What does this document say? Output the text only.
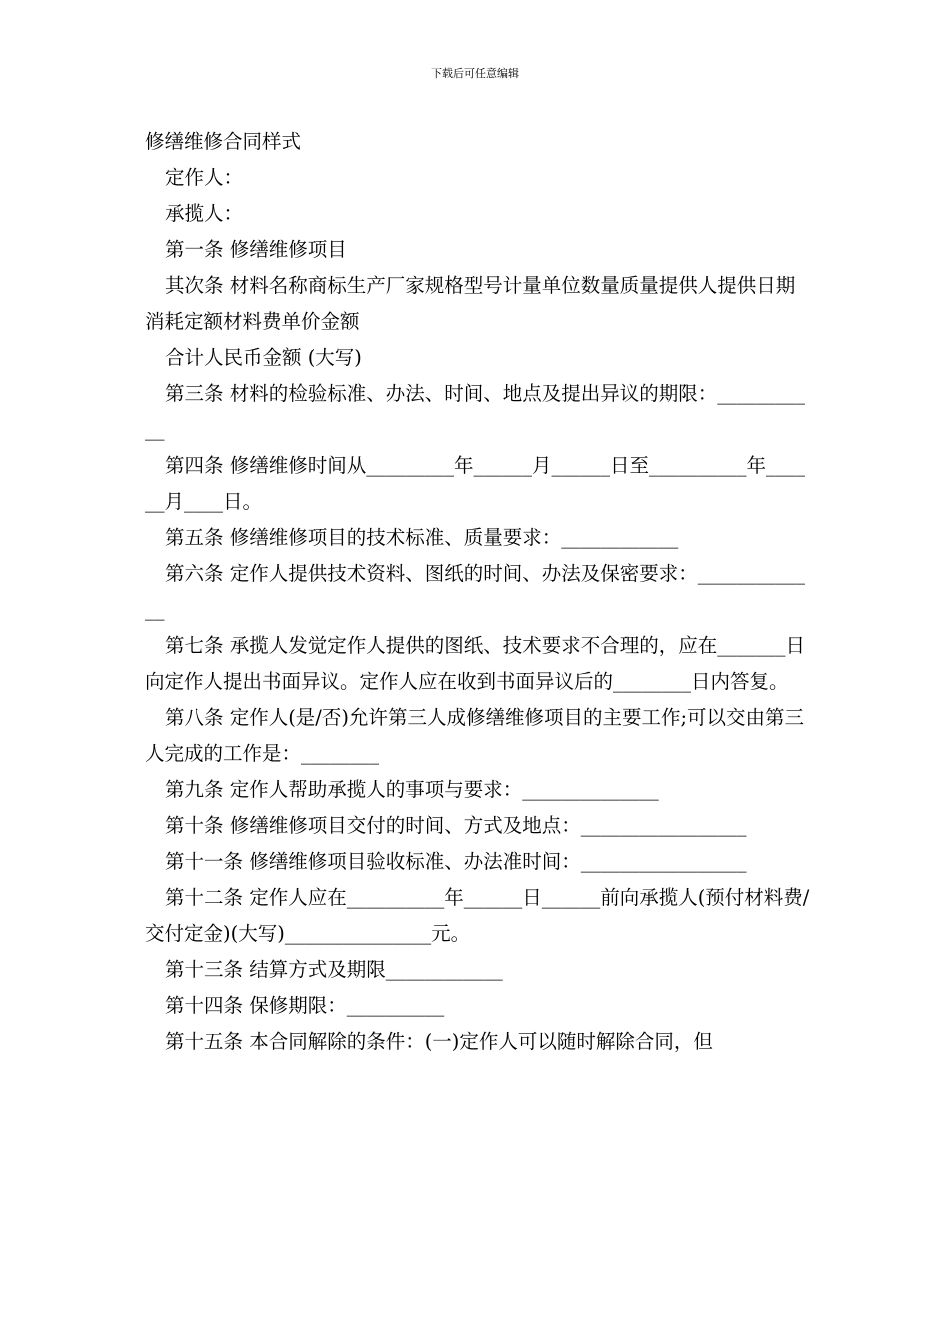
下载后可任意编辑

修缮维修合同样式

定作人：

承揽人：

第一条 修缮维修项目

其次条 材料名称商标生产厂家规格型号计量单位数量质量提供人提供日期消耗定额材料费单价金额

合计人民币金额 (大写)

第三条 材料的检验标准、办法、时间、地点及提出异议的期限：___________

第四条 修缮维修时间从_________年______月______日至__________年______月____日。

第五条 修缮维修项目的技术标准、质量要求：____________

第六条 定作人提供技术资料、图纸的时间、办法及保密要求：_____________

第七条 承揽人发觉定作人提供的图纸、技术要求不合理的，应在_______日向定作人提出书面异议。定作人应在收到书面异议后的________日内答复。

第八条 定作人(是/否)允许第三人成修缮维修项目的主要工作;可以交由第三人完成的工作是：________

第九条 定作人帮助承揽人的事项与要求：______________

第十条 修缮维修项目交付的时间、方式及地点：_________________

第十一条 修缮维修项目验收标准、办法准时间：_________________

第十二条 定作人应在__________年______日______前向承揽人(预付材料费/交付定金)(大写)_______________元。

第十三条 结算方式及期限____________

第十四条 保修期限：__________

第十五条 本合同解除的条件：(一)定作人可以随时解除合同，但
